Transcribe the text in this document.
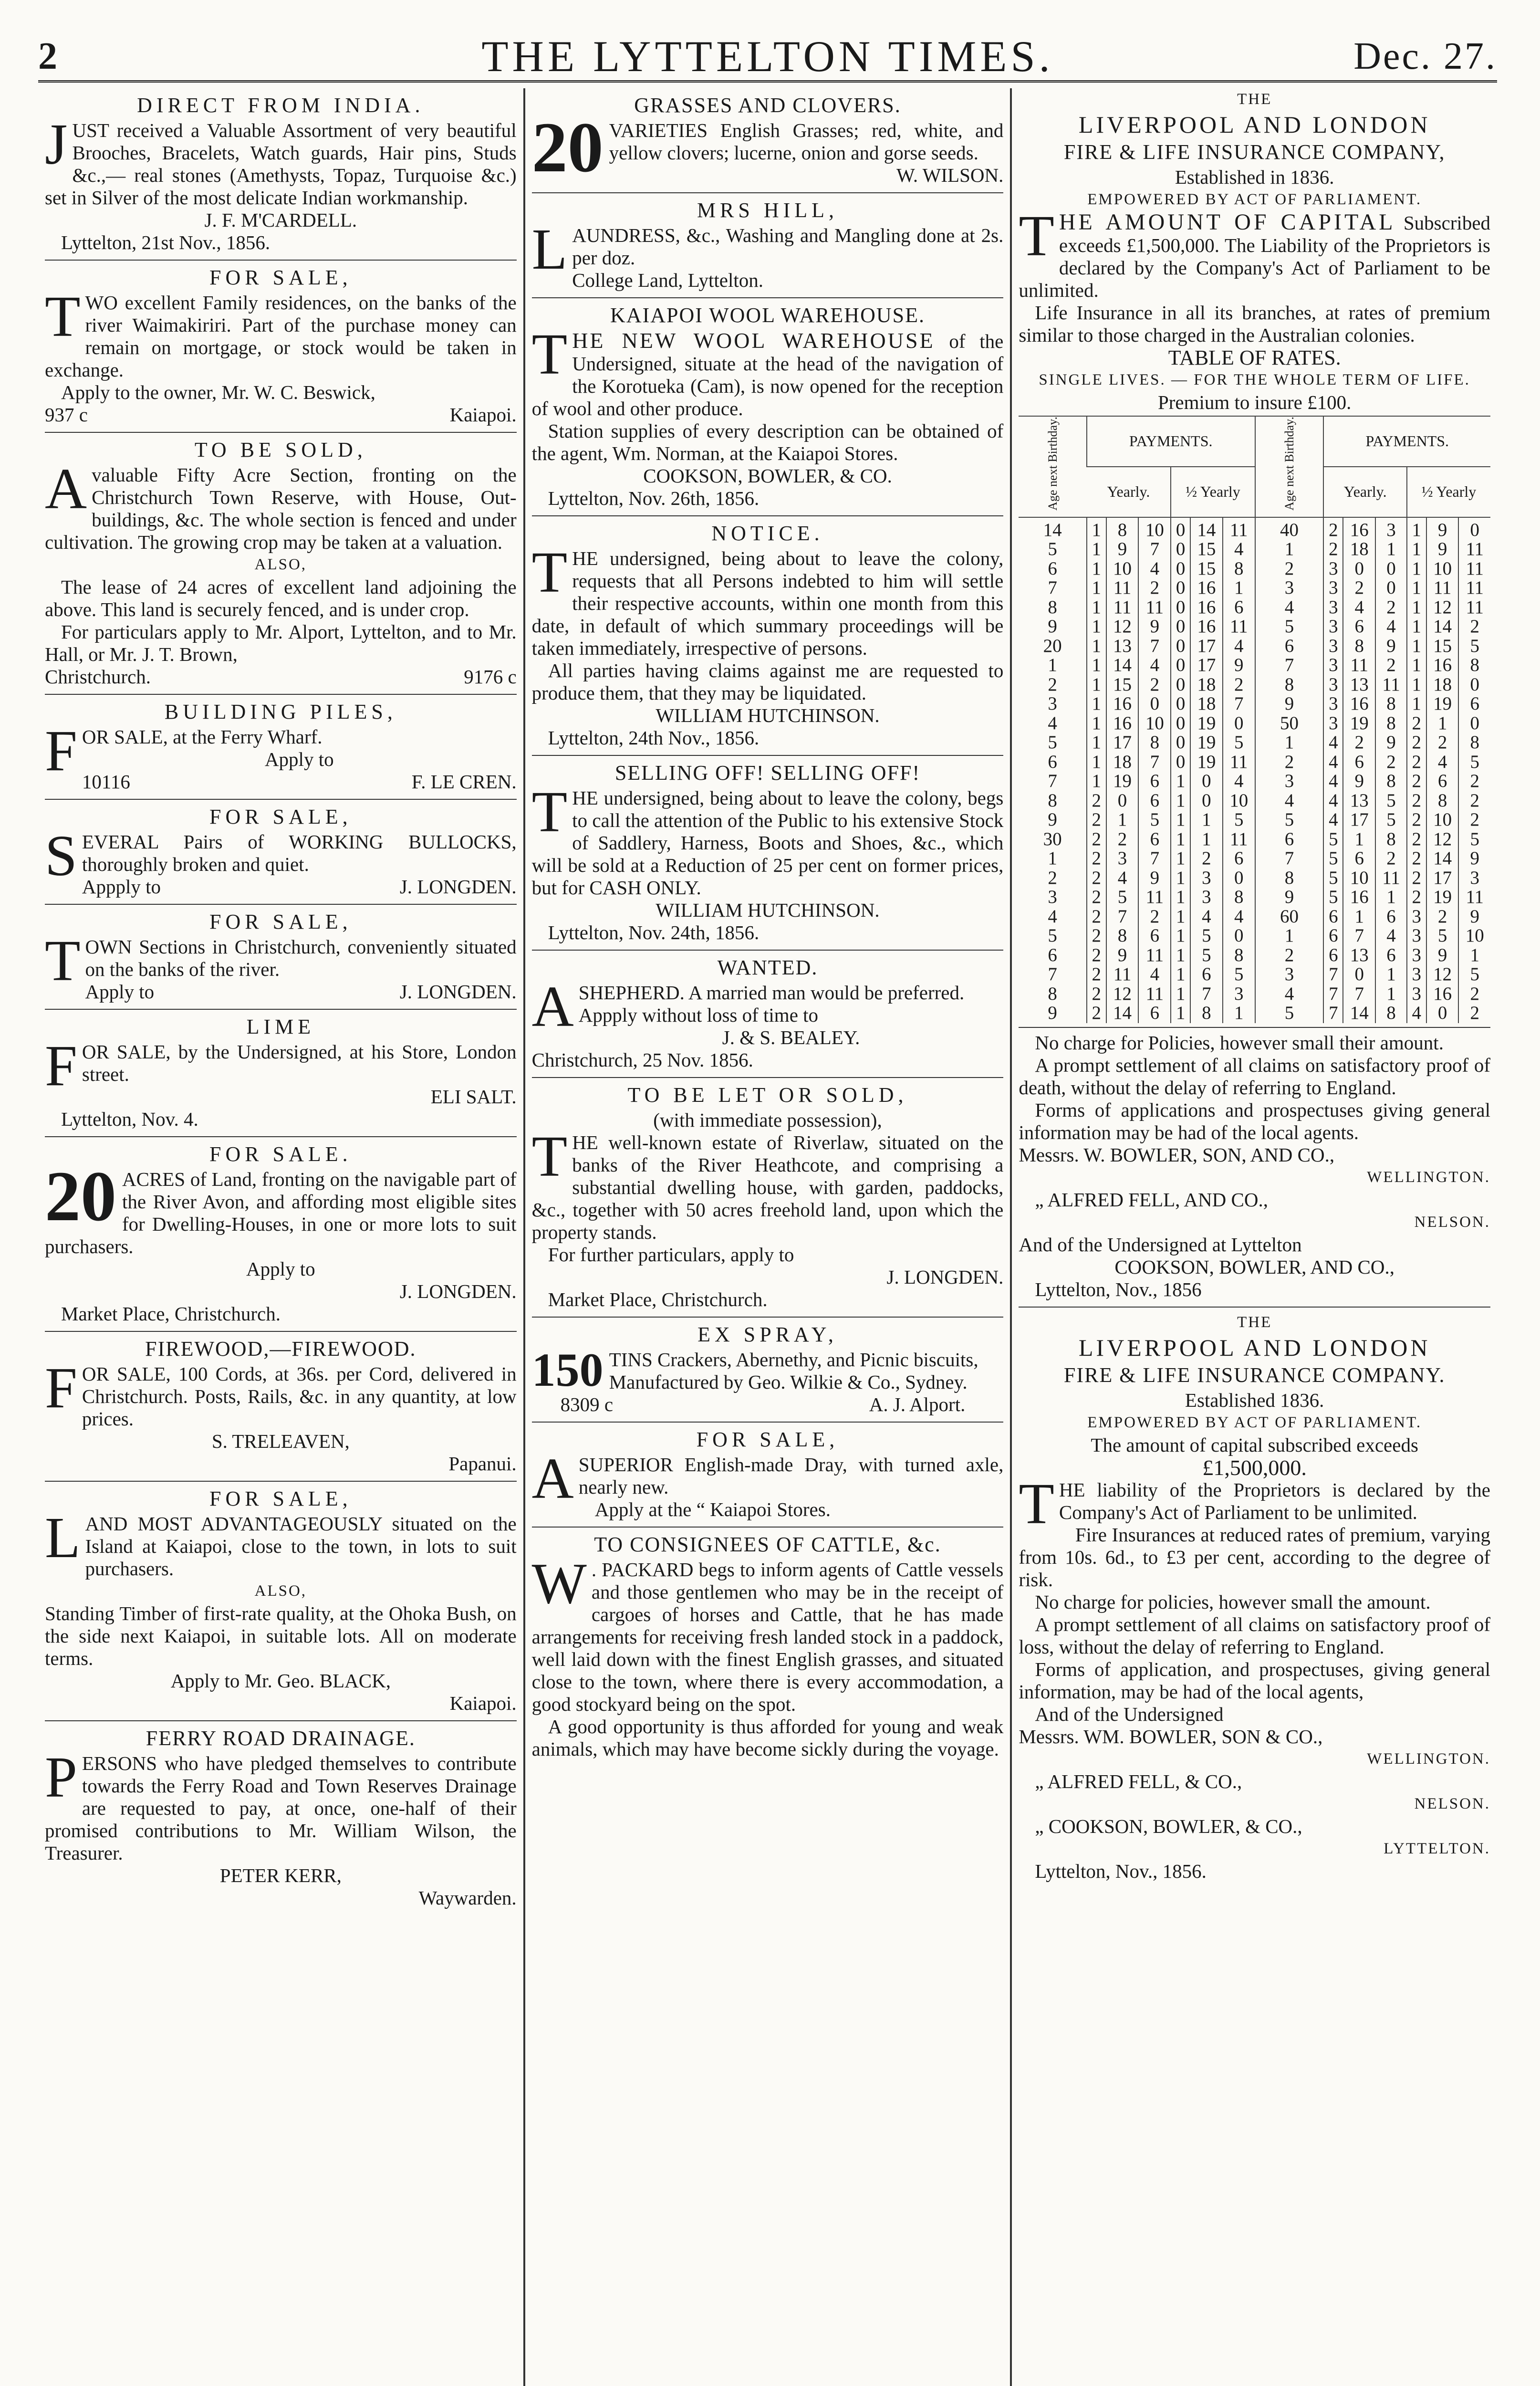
2	THE LYTTELTON TIMES.	Dec. 27.
DIRECT FROM INDIA.
JUST received a Valuable Assortment of very beautiful Brooches, Bracelets, Watch guards, Hair pins, Studs &c.,— real stones (Amethysts, Topaz, Turquoise &c.) set in Silver of the most delicate Indian workmanship.
J. F. M'CARDELL.
Lyttelton, 21st Nov., 1856.
FOR SALE,
TWO excellent Family residences, on the banks of the river Waimakiriri. Part of the purchase money can remain on mortgage, or stock would be taken in exchange.
Apply to the owner, Mr. W. C. Beswick,
937 c	Kaiapoi.
TO BE SOLD,
Avaluable Fifty Acre Section, fronting on the Christchurch Town Reserve, with House, Out-buildings, &c. The whole section is fenced and under cultivation. The growing crop may be taken at a valuation.
ALSO,
The lease of 24 acres of excellent land adjoining the above. This land is securely fenced, and is under crop.
For particulars apply to Mr. Alport, Lyttelton, and to Mr. Hall, or Mr. J. T. Brown,
Christchurch.	9176 c
BUILDING PILES,
FOR SALE, at the Ferry Wharf.
Apply to
10116	F. LE CREN.
FOR SALE,
SEVERAL Pairs of WORKING BULLOCKS, thoroughly broken and quiet.
Appply to	J. LONGDEN.
FOR SALE,
TOWN Sections in Christchurch, conveniently situated on the banks of the river.
Apply to	J. LONGDEN.
LIME
FOR SALE, by the Undersigned, at his Store, London street.
ELI SALT.
Lyttelton, Nov. 4.
FOR SALE.
20 ACRES of Land, fronting on the navigable part of the River Avon, and affording most eligible sites for Dwelling-Houses, in one or more lots to suit purchasers.
Apply to
J. LONGDEN.
Market Place, Christchurch.
FIREWOOD,—FIREWOOD.
FOR SALE, 100 Cords, at 36s. per Cord, delivered in Christchurch. Posts, Rails, &c. in any quantity, at low prices.
S. TRELEAVEN,
Papanui.
FOR SALE,
LAND MOST ADVANTAGEOUSLY situated on the Island at Kaiapoi, close to the town, in lots to suit purchasers.
ALSO,
Standing Timber of first-rate quality, at the Ohoka Bush, on the side next Kaiapoi, in suitable lots. All on moderate terms.
Apply to Mr. Geo. BLACK,
Kaiapoi.
FERRY ROAD DRAINAGE.
PERSONS who have pledged themselves to contribute towards the Ferry Road and Town Reserves Drainage are requested to pay, at once, one-half of their promised contributions to Mr. William Wilson, the Treasurer.
PETER KERR,
Waywarden.
GRASSES AND CLOVERS.
20 VARIETIES English Grasses; red, white, and yellow clovers; lucerne, onion and gorse seeds.
W. WILSON.
MRS HILL,
LAUNDRESS, &c., Washing and Mangling done at 2s. per doz.
College Land, Lyttelton.
KAIAPOI WOOL WAREHOUSE.
THE NEW WOOL WAREHOUSE of the Undersigned, situate at the head of the navigation of the Korotueka (Cam), is now opened for the reception of wool and other produce.
Station supplies of every description can be obtained of the agent, Wm. Norman, at the Kaiapoi Stores.
COOKSON, BOWLER, & CO.
Lyttelton, Nov. 26th, 1856.
NOTICE.
THE undersigned, being about to leave the colony, requests that all Persons indebted to him will settle their respective accounts, within one month from this date, in default of which summary proceedings will be taken immediately, irrespective of persons.
All parties having claims against me are requested to produce them, that they may be liquidated.
WILLIAM HUTCHINSON.
Lyttelton, 24th Nov., 1856.
SELLING OFF! SELLING OFF!
THE undersigned, being about to leave the colony, begs to call the attention of the Public to his extensive Stock of Saddlery, Harness, Boots and Shoes, &c., which will be sold at a Reduction of 25 per cent on former prices, but for CASH ONLY.
WILLIAM HUTCHINSON.
Lyttelton, Nov. 24th, 1856.
WANTED.
ASHEPHERD. A married man would be preferred.
Appply without loss of time to
J. & S. BEALEY.
Christchurch, 25 Nov. 1856.
TO BE LET OR SOLD,
(with immediate possession),
THE well-known estate of Riverlaw, situated on the banks of the River Heathcote, and comprising a substantial dwelling house, with garden, paddocks, &c., together with 50 acres freehold land, upon which the property stands.
For further particulars, apply to
J. LONGDEN.
Market Place, Christchurch.
EX SPRAY,
150 TINS Crackers, Abernethy, and Picnic biscuits,
Manufactured by Geo. Wilkie & Co., Sydney.
8309 c	A. J. Alport.
FOR SALE,
ASUPERIOR English-made Dray, with turned axle, nearly new.
Apply at the “ Kaiapoi Stores.
TO CONSIGNEES OF CATTLE, &c.
W . PACKARD begs to inform agents of Cattle vessels and those gentlemen who may be in the receipt of cargoes of horses and Cattle, that he has made arrangements for receiving fresh landed stock in a paddock, well laid down with the finest English grasses, and situated close to the town, where there is every accommodation, a good stockyard being on the spot.
A good opportunity is thus afforded for young and weak animals, which may have become sickly during the voyage.
THE
LIVERPOOL AND LONDON
FIRE & LIFE INSURANCE COMPANY,
Established in 1836.
EMPOWERED BY ACT OF PARLIAMENT.
THE AMOUNT OF CAPITAL Subscribed exceeds £1,500,000. The Liability of the Proprietors is declared by the Company's Act of Parliament to be unlimited.
Life Insurance in all its branches, at rates of premium similar to those charged in the Australian colonies.
TABLE OF RATES.
SINGLE LIVES. — FOR THE WHOLE TERM OF LIFE.
Premium to insure £100.
Age next Birthday.	PAYMENTS.						Age next Birthday.	PAYMENTS.					
	Yearly.			½ Yearly				Yearly.			½ Yearly		
14	1	8	10	0	14	11	40	2	16	3	1	9	0
5	1	9	7	0	15	4	1	2	18	1	1	9	11
6	1	10	4	0	15	8	2	3	0	0	1	10	11
7	1	11	2	0	16	1	3	3	2	0	1	11	11
8	1	11	11	0	16	6	4	3	4	2	1	12	11
9	1	12	9	0	16	11	5	3	6	4	1	14	2
20	1	13	7	0	17	4	6	3	8	9	1	15	5
1	1	14	4	0	17	9	7	3	11	2	1	16	8
2	1	15	2	0	18	2	8	3	13	11	1	18	0
3	1	16	0	0	18	7	9	3	16	8	1	19	6
4	1	16	10	0	19	0	50	3	19	8	2	1	0
5	1	17	8	0	19	5	1	4	2	9	2	2	8
6	1	18	7	0	19	11	2	4	6	2	2	4	5
7	1	19	6	1	0	4	3	4	9	8	2	6	2
8	2	0	6	1	0	10	4	4	13	5	2	8	2
9	2	1	5	1	1	5	5	4	17	5	2	10	2
30	2	2	6	1	1	11	6	5	1	8	2	12	5
1	2	3	7	1	2	6	7	5	6	2	2	14	9
2	2	4	9	1	3	0	8	5	10	11	2	17	3
3	2	5	11	1	3	8	9	5	16	1	2	19	11
4	2	7	2	1	4	4	60	6	1	6	3	2	9
5	2	8	6	1	5	0	1	6	7	4	3	5	10
6	2	9	11	1	5	8	2	6	13	6	3	9	1
7	2	11	4	1	6	5	3	7	0	1	3	12	5
8	2	12	11	1	7	3	4	7	7	1	3	16	2
9	2	14	6	1	8	1	5	7	14	8	4	0	2
No charge for Policies, however small their amount.
A prompt settlement of all claims on satisfactory proof of death, without the delay of referring to England.
Forms of applications and prospectuses giving general information may be had of the local agents.
Messrs. W. BOWLER, SON, AND CO.,
WELLINGTON.
„ ALFRED FELL, AND CO.,
NELSON.
And of the Undersigned at Lyttelton
COOKSON, BOWLER, AND CO.,
Lyttelton, Nov., 1856
THE
LIVERPOOL AND LONDON
FIRE & LIFE INSURANCE COMPANY.
Established 1836.
EMPOWERED BY ACT OF PARLIAMENT.
The amount of capital subscribed exceeds
£1,500,000.
THE liability of the Proprietors is declared by the Company's Act of Parliament to be unlimited.
Fire Insurances at reduced rates of premium, varying from 10s. 6d., to £3 per cent, according to the degree of risk.
No charge for policies, however small the amount.
A prompt settlement of all claims on satisfactory proof of loss, without the delay of referring to England.
Forms of application, and prospectuses, giving general information, may be had of the local agents,
And of the Undersigned
Messrs. WM. BOWLER, SON & CO.,
WELLINGTON.
„ ALFRED FELL, & CO.,
NELSON.
„ COOKSON, BOWLER, & CO.,
LYTTELTON.
Lyttelton, Nov., 1856.
